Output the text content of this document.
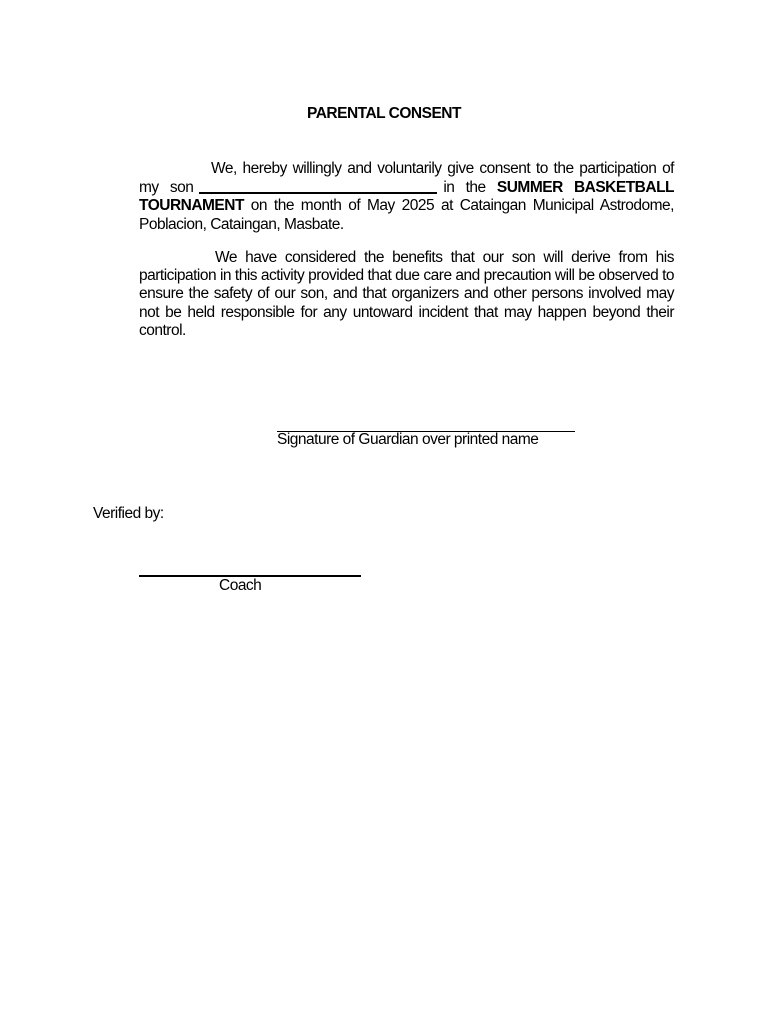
PARENTAL CONSENT

We, hereby willingly and voluntarily give consent to the participation of my son	in the SUMMER BASKETBALL TOURNAMENT on the month of May 2025 at Cataingan Municipal Astrodome, Poblacion, Cataingan, Masbate.

We have considered the benefits that our son will derive from his participation in this activity provided that due care and precaution will be observed to ensure the safety of our son, and that organizers and other persons involved may not be held responsible for any untoward incident that may happen beyond their control.

Signature of Guardian over printed name
Verified by:
Coach
